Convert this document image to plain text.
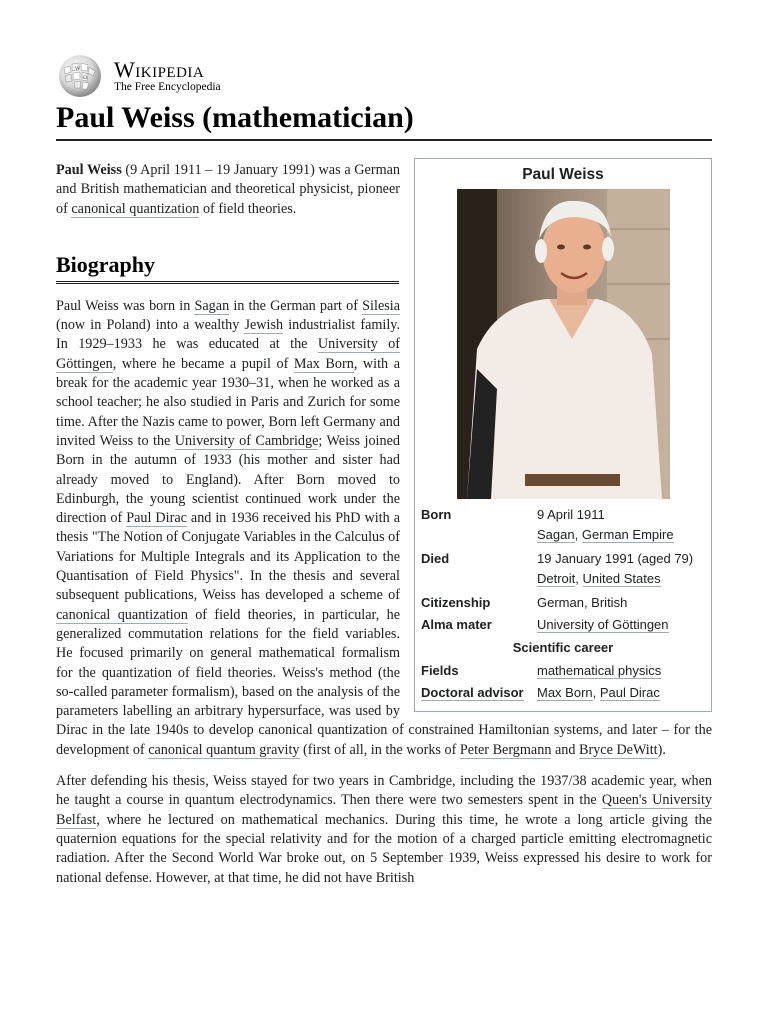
W
Ω Wikipedia
The Free Encyclopedia
Paul Weiss (mathematician)
Paul Weiss
Born	9 April 1911
Sagan, German Empire
Died	19 January 1991 (aged 79)
Detroit, United States
Citizenship	German, British
Alma mater	University of Göttingen
Scientific career
Fields	mathematical physics
Doctoral advisor	Max Born, Paul Dirac

Paul Weiss (9 April 1911 – 19 January 1991) was a German and British mathematician and theoretical physicist, pioneer of canonical quantization of field theories.

Biography

Paul Weiss was born in Sagan in the German part of Silesia (now in Poland) into a wealthy Jewish industrialist family. In 1929–1933 he was educated at the University of Göttingen, where he became a pupil of Max Born, with a break for the academic year 1930–31, when he worked as a school teacher; he also studied in Paris and Zurich for some time. After the Nazis came to power, Born left Germany and invited Weiss to the University of Cambridge; Weiss joined Born in the autumn of 1933 (his mother and sister had already moved to England). After Born moved to Edinburgh, the young scientist continued work under the direction of Paul Dirac and in 1936 received his PhD with a thesis "The Notion of Conjugate Variables in the Calculus of Variations for Multiple Integrals and its Application to the Quantisation of Field Physics". In the thesis and several subsequent publications, Weiss has developed a scheme of canonical quantization of field theories, in particular, he generalized commutation relations for the field variables. He focused primarily on general mathematical formalism for the quantization of field theories. Weiss's method (the so-called parameter formalism), based on the analysis of the parameters labelling an arbitrary hypersurface, was used by Dirac in the late 1940s to develop canonical quantization of constrained Hamiltonian systems, and later – for the development of canonical quantum gravity (first of all, in the works of Peter Bergmann and Bryce DeWitt).

After defending his thesis, Weiss stayed for two years in Cambridge, including the 1937/38 academic year, when he taught a course in quantum electrodynamics. Then there were two semesters spent in the Queen's University Belfast, where he lectured on mathematical mechanics. During this time, he wrote a long article giving the quaternion equations for the special relativity and for the motion of a charged particle emitting electromagnetic radiation. After the Second World War broke out, on 5 September 1939, Weiss expressed his desire to work for national defense. However, at that time, he did not have British
